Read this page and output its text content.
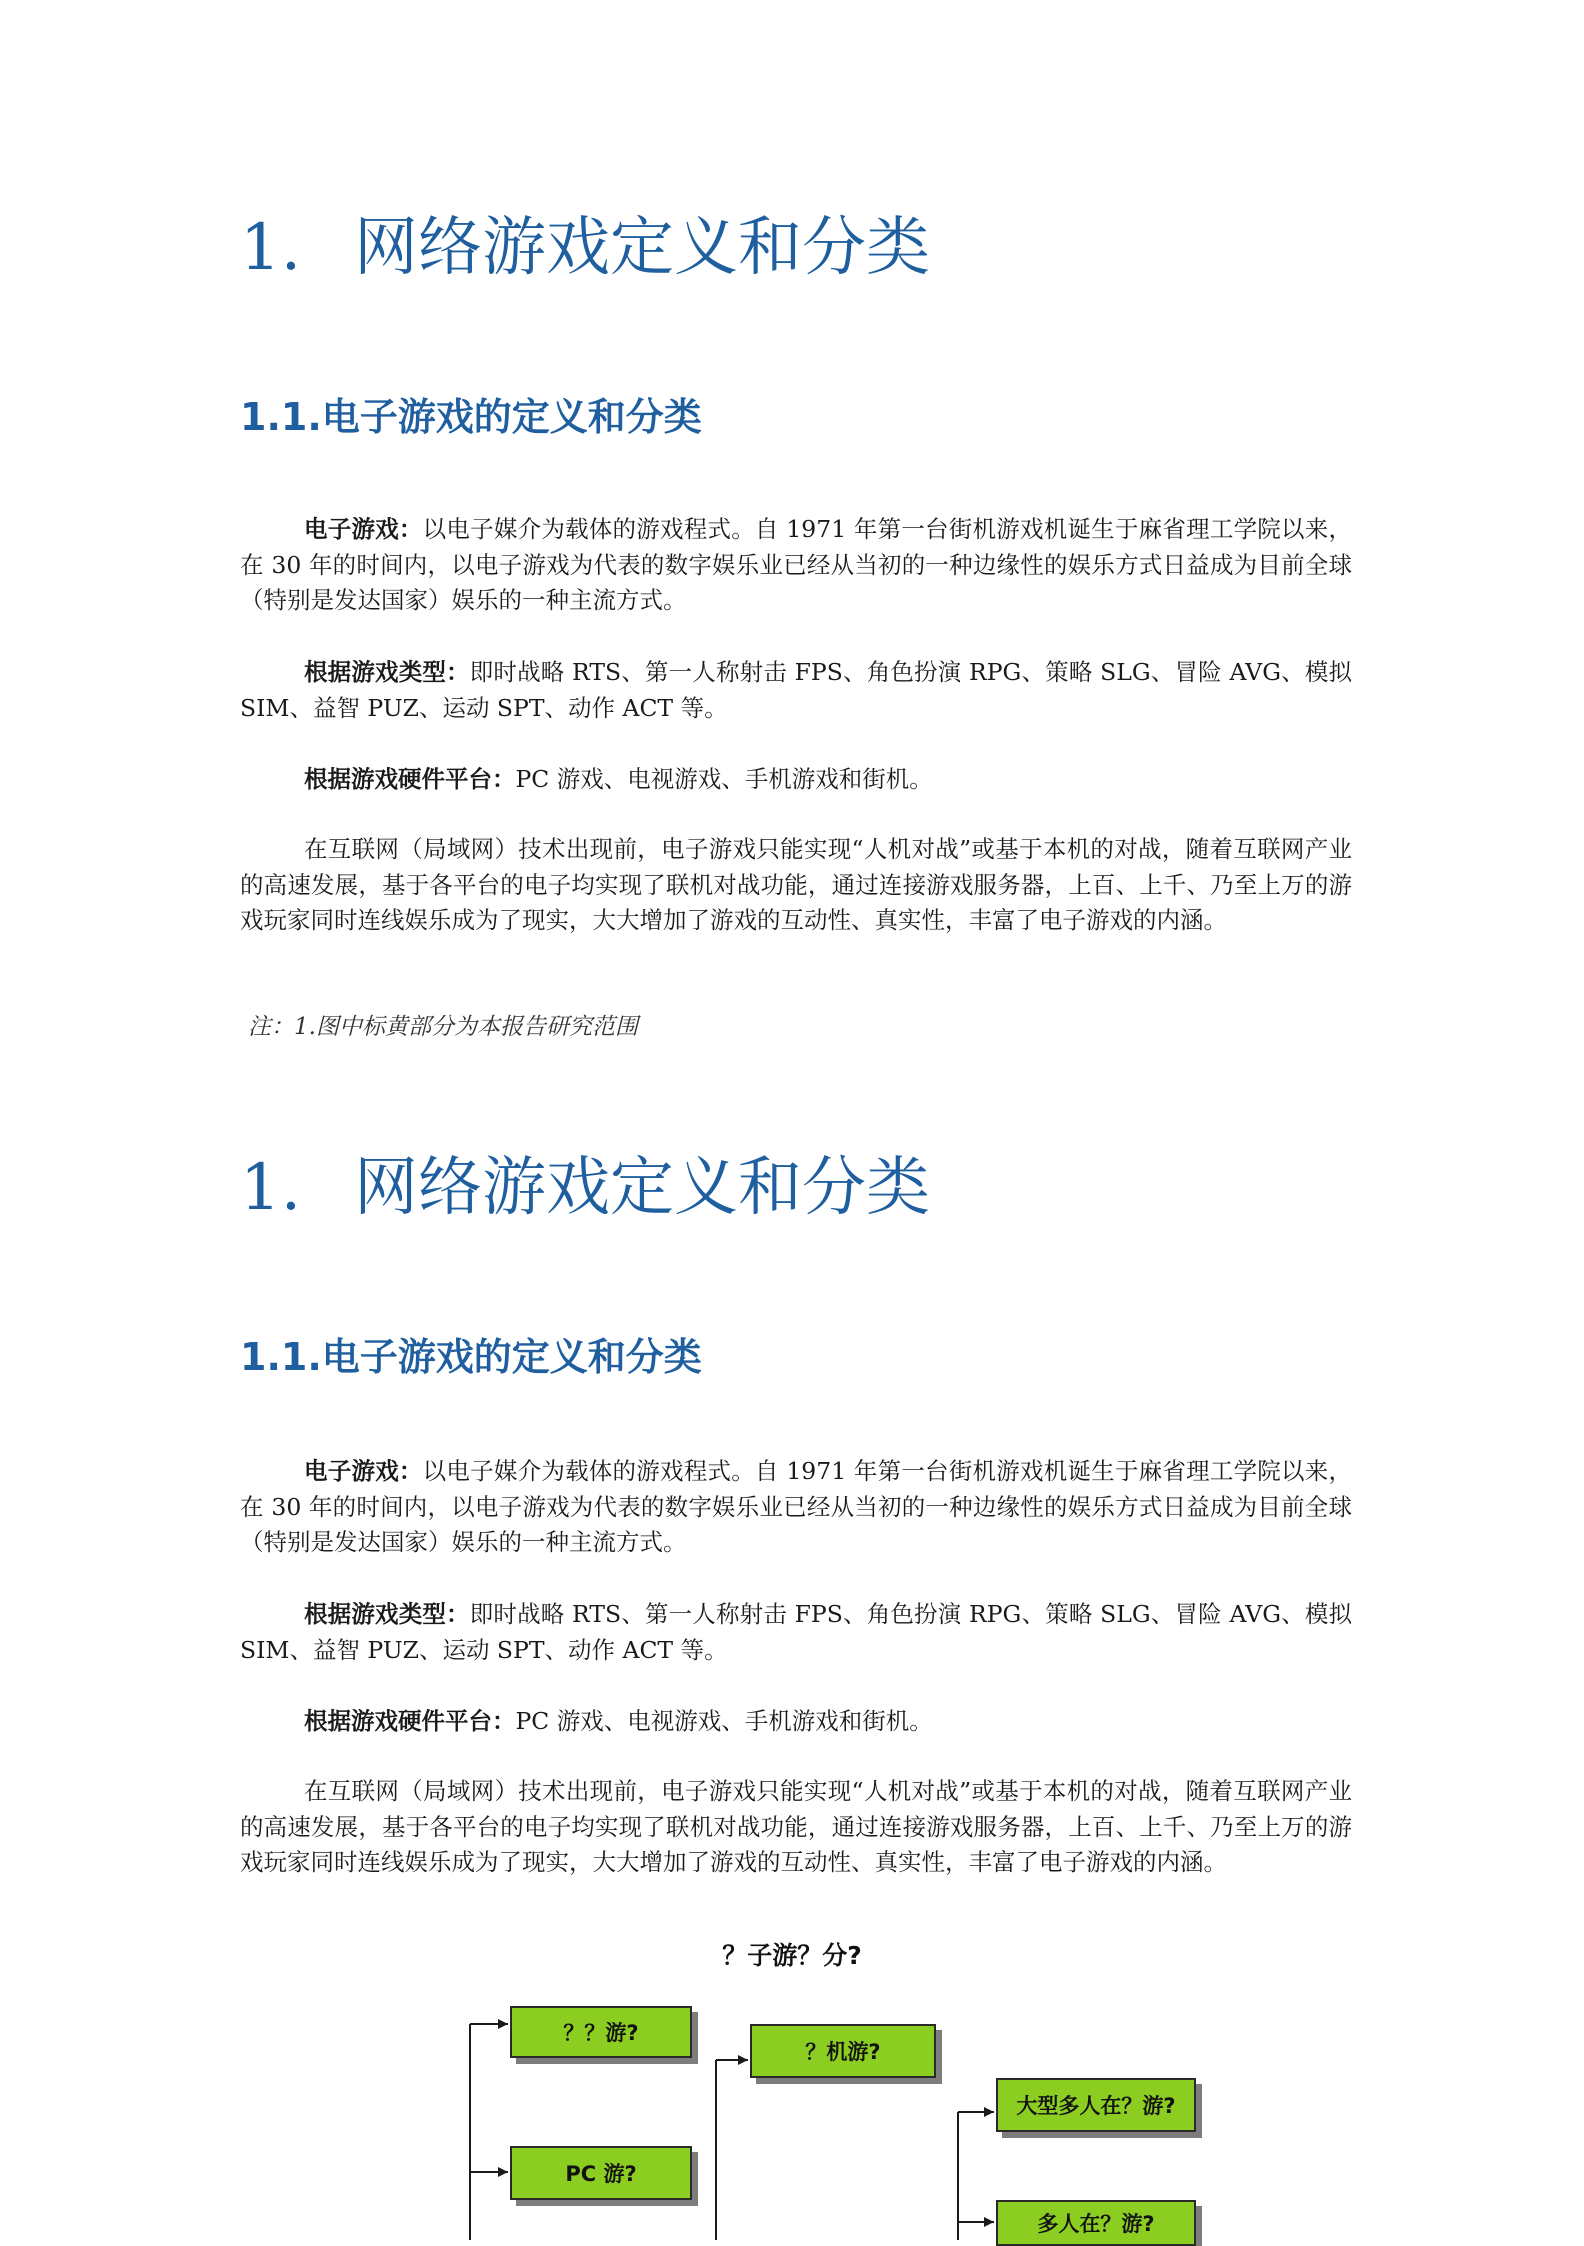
1. 网络游戏定义和分类
1.1.电子游戏的定义和分类

电子游戏：以电子媒介为载体的游戏程式。自 1971 年第一台街机游戏机诞生于麻省理工学院以来，在 30 年的时间内，以电子游戏为代表的数字娱乐业已经从当初的一种边缘性的娱乐方式日益成为目前全球（特别是发达国家）娱乐的一种主流方式。

根据游戏类型：即时战略 RTS、第一人称射击 FPS、角色扮演 RPG、策略 SLG、冒险 AVG、模拟 SIM、益智 PUZ、运动 SPT、动作 ACT 等。

根据游戏硬件平台：PC 游戏、电视游戏、手机游戏和街机。

在互联网（局域网）技术出现前，电子游戏只能实现“人机对战”或基于本机的对战，随着互联网产业的高速发展，基于各平台的电子均实现了联机对战功能，通过连接游戏服务器，上百、上千、乃至上万的游戏玩家同时连线娱乐成为了现实，大大增加了游戏的互动性、真实性，丰富了电子游戏的内涵。

注：1.图中标黄部分为本报告研究范围
1. 网络游戏定义和分类
1.1.电子游戏的定义和分类

电子游戏：以电子媒介为载体的游戏程式。自 1971 年第一台街机游戏机诞生于麻省理工学院以来，在 30 年的时间内，以电子游戏为代表的数字娱乐业已经从当初的一种边缘性的娱乐方式日益成为目前全球（特别是发达国家）娱乐的一种主流方式。

根据游戏类型：即时战略 RTS、第一人称射击 FPS、角色扮演 RPG、策略 SLG、冒险 AVG、模拟 SIM、益智 PUZ、运动 SPT、动作 ACT 等。

根据游戏硬件平台：PC 游戏、电视游戏、手机游戏和街机。

在互联网（局域网）技术出现前，电子游戏只能实现“人机对战”或基于本机的对战，随着互联网产业的高速发展，基于各平台的电子均实现了联机对战功能，通过连接游戏服务器，上百、上千、乃至上万的游戏玩家同时连线娱乐成为了现实，大大增加了游戏的互动性、真实性，丰富了电子游戏的内涵。

？子游？分?
？？游?
？机游?
PC 游?
大型多人在？游?
多人在？游?
